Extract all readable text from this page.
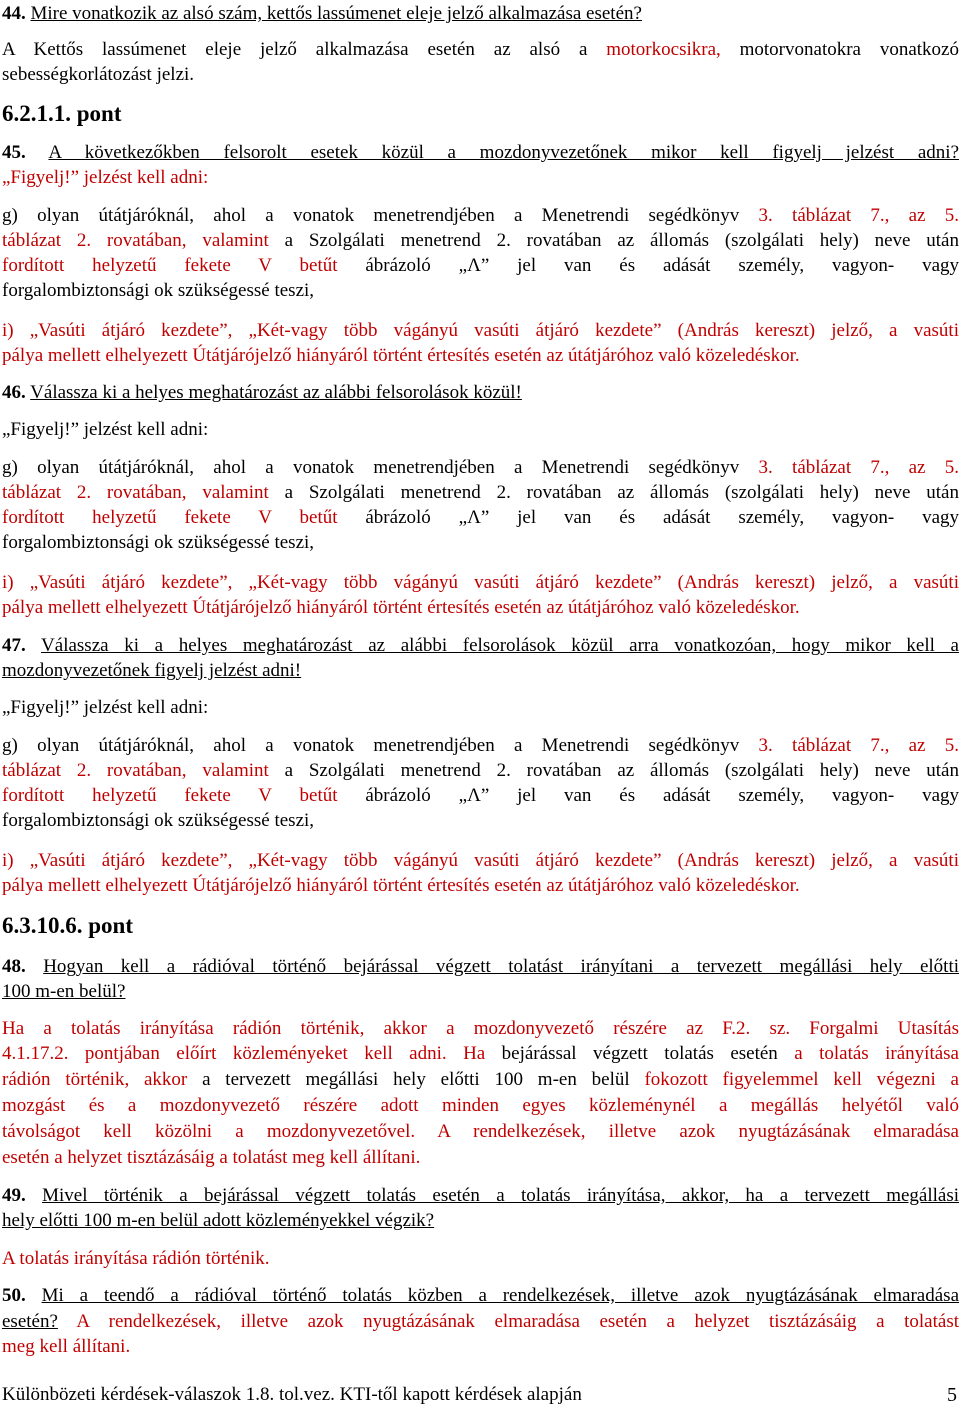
44. Mire vonatkozik az alsó szám, kettős lassúmenet eleje jelző alkalmazása esetén?
A Kettős lassúmenet eleje jelző alkalmazása esetén az alsó a motorkocsikra, motorvonatokra vonatkozó
sebességkorlátozást jelzi.
6.2.1.1. pont
45. A következőkben felsorolt esetek közül a mozdonyvezetőnek mikor kell figyelj jelzést adni?
„Figyelj!” jelzést kell adni:
g) olyan útátjáróknál, ahol a vonatok menetrendjében a Menetrendi segédkönyv 3. táblázat 7., az 5.
táblázat 2. rovatában, valamint a Szolgálati menetrend 2. rovatában az állomás (szolgálati hely) neve után
fordított helyzetű fekete V betűt ábrázoló „Λ” jel van és adását személy, vagyon- vagy
forgalombiztonsági ok szükségessé teszi,
i) „Vasúti átjáró kezdete”, „Két-vagy több vágányú vasúti átjáró kezdete” (András kereszt) jelző, a vasúti
pálya mellett elhelyezett Útátjárójelző hiányáról történt értesítés esetén az útátjáróhoz való közeledéskor.
46. Válassza ki a helyes meghatározást az alábbi felsorolások közül!
„Figyelj!” jelzést kell adni:
g) olyan útátjáróknál, ahol a vonatok menetrendjében a Menetrendi segédkönyv 3. táblázat 7., az 5.
táblázat 2. rovatában, valamint a Szolgálati menetrend 2. rovatában az állomás (szolgálati hely) neve után
fordított helyzetű fekete V betűt ábrázoló „Λ” jel van és adását személy, vagyon- vagy
forgalombiztonsági ok szükségessé teszi,
i) „Vasúti átjáró kezdete”, „Két-vagy több vágányú vasúti átjáró kezdete” (András kereszt) jelző, a vasúti
pálya mellett elhelyezett Útátjárójelző hiányáról történt értesítés esetén az útátjáróhoz való közeledéskor.
47. Válassza ki a helyes meghatározást az alábbi felsorolások közül arra vonatkozóan, hogy mikor kell a
mozdonyvezetőnek figyelj jelzést adni!
„Figyelj!” jelzést kell adni:
g) olyan útátjáróknál, ahol a vonatok menetrendjében a Menetrendi segédkönyv 3. táblázat 7., az 5.
táblázat 2. rovatában, valamint a Szolgálati menetrend 2. rovatában az állomás (szolgálati hely) neve után
fordított helyzetű fekete V betűt ábrázoló „Λ” jel van és adását személy, vagyon- vagy
forgalombiztonsági ok szükségessé teszi,
i) „Vasúti átjáró kezdete”, „Két-vagy több vágányú vasúti átjáró kezdete” (András kereszt) jelző, a vasúti
pálya mellett elhelyezett Útátjárójelző hiányáról történt értesítés esetén az útátjáróhoz való közeledéskor.
6.3.10.6. pont
48. Hogyan kell a rádióval történő bejárással végzett tolatást irányítani a tervezett megállási hely előtti
100 m-en belül?
Ha a tolatás irányítása rádión történik, akkor a mozdonyvezető részére az F.2. sz. Forgalmi Utasítás
4.1.17.2. pontjában előírt közleményeket kell adni. Ha bejárással végzett tolatás esetén a tolatás irányítása
rádión történik, akkor a tervezett megállási hely előtti 100 m-en belül fokozott figyelemmel kell végezni a
mozgást és a mozdonyvezető részére adott minden egyes közleménynél a megállás helyétől való
távolságot kell közölni a mozdonyvezetővel. A rendelkezések, illetve azok nyugtázásának elmaradása
esetén a helyzet tisztázásáig a tolatást meg kell állítani.
49. Mivel történik a bejárással végzett tolatás esetén a tolatás irányítása, akkor, ha a tervezett megállási
hely előtti 100 m-en belül adott közleményekkel végzik?
A tolatás irányítása rádión történik.
50. Mi a teendő a rádióval történő tolatás közben a rendelkezések, illetve azok nyugtázásának elmaradása
esetén? A rendelkezések, illetve azok nyugtázásának elmaradása esetén a helyzet tisztázásáig a tolatást
meg kell állítani.
Különbözeti kérdések-válaszok 1.8. tol.vez. KTI-től kapott kérdések alapján	5
